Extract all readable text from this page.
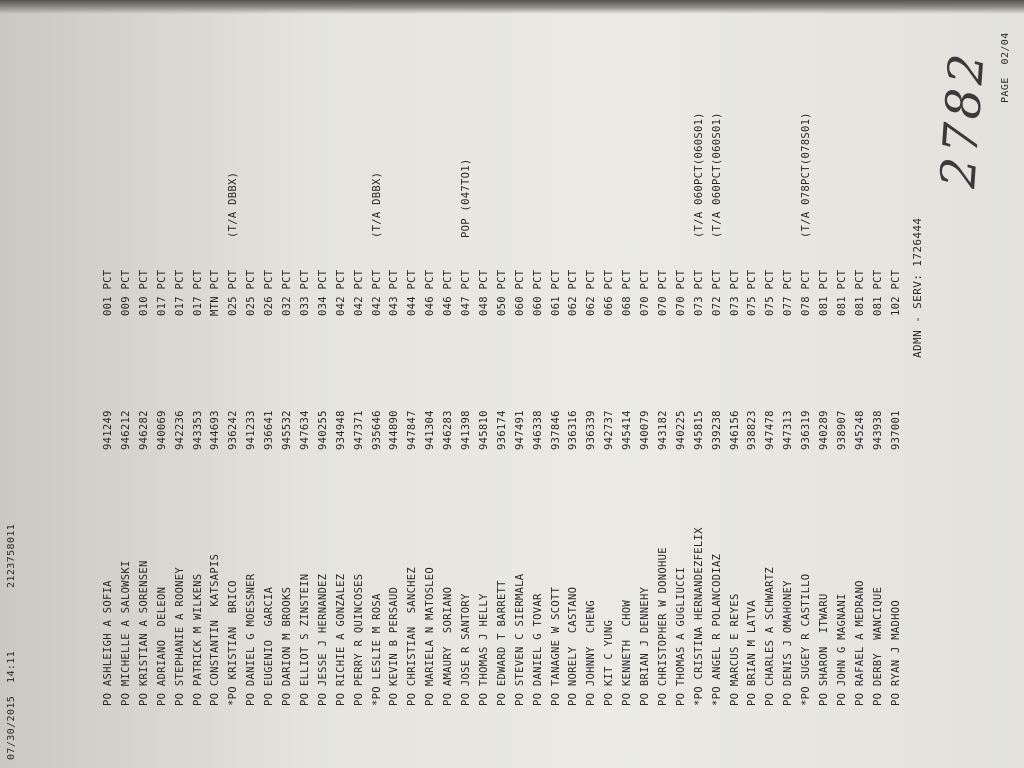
07/30/2015  14:11
2123758011
PAGE  02/04
2782
PO ASHLEIGH A SOFIA
941249
001 PCT
PO MICHELLE A SALOWSKI
946212
009 PCT
PO KRISTIAN A SORENSEN
946282
010 PCT
PO ADRIANO  DELEON
940069
017 PCT
PO STEPHANIE A ROONEY
942236
017 PCT
PO PATRICK M WILKENS
943353
017 PCT
PO CONSTANTIN  KATSAPIS
944693
MTN PCT
*PO KRISTIAN  BRICO
936242
025 PCT
(T/A DBBX)
PO DANIEL G MOESSNER
941233
025 PCT
PO EUGENIO  GARCIA
936641
026 PCT
PO DARION M BROOKS
945532
032 PCT
PO ELLIOT S ZINSTEIN
947634
033 PCT
PO JESSE J HERNANDEZ
940255
034 PCT
PO RICHIE A GONZALEZ
934948
042 PCT
PO PERRY R QUINCOSES
947371
042 PCT
*PO LESLIE M ROSA
935646
042 PCT
(T/A DBBX)
PO KEVIN B PERSAUD
944890
043 PCT
PO CHRISTIAN  SANCHEZ
947847
044 PCT
PO MARIELA N MATOSLEO
941304
046 PCT
PO AMAURY  SORIANO
946283
046 PCT
PO JOSE R SANTORY
941398
047 PCT
POP (047TO1)
PO THOMAS J HELLY
945810
048 PCT
PO EDWARD T BARRETT
936174
050 PCT
PO STEVEN C SIERMALA
947491
060 PCT
PO DANIEL G TOVAR
946338
060 PCT
PO TANAGNE W SCOTT
937846
061 PCT
PO NORELY  CASTANO
936316
062 PCT
PO JOHNNY  CHENG
936339
062 PCT
PO KIT C YUNG
942737
066 PCT
PO KENNETH  CHOW
945414
068 PCT
PO BRIAN J DENNEHY
940079
070 PCT
PO CHRISTOPHER W DONOHUE
943182
070 PCT
PO THOMAS A GUGLIUCCI
940225
070 PCT
*PO CRISTINA HERNANDEZFELIX
945815
073 PCT
(T/A 060PCT(060S01)
*PO ANGEL R POLANCODIAZ
939238
072 PCT
(T/A 060PCT(060S01)
PO MARCUS E REYES
946156
073 PCT
PO BRIAN M LATVA
938823
075 PCT
PO CHARLES A SCHWARTZ
947478
075 PCT
PO DENIS J OMAHONEY
947313
077 PCT
*PO SUGEY R CASTILLO
936319
078 PCT
(T/A 078PCT(078S01)
PO SHARON  ITWARU
940289
081 PCT
PO JOHN G MAGNANI
938907
081 PCT
PO RAFAEL A MEDRANO
945248
081 PCT
PO DERBY  WANCIQUE
943938
081 PCT
PO RYAN J MADHOO
937001
102 PCT ADMN - SERV: 1726444
